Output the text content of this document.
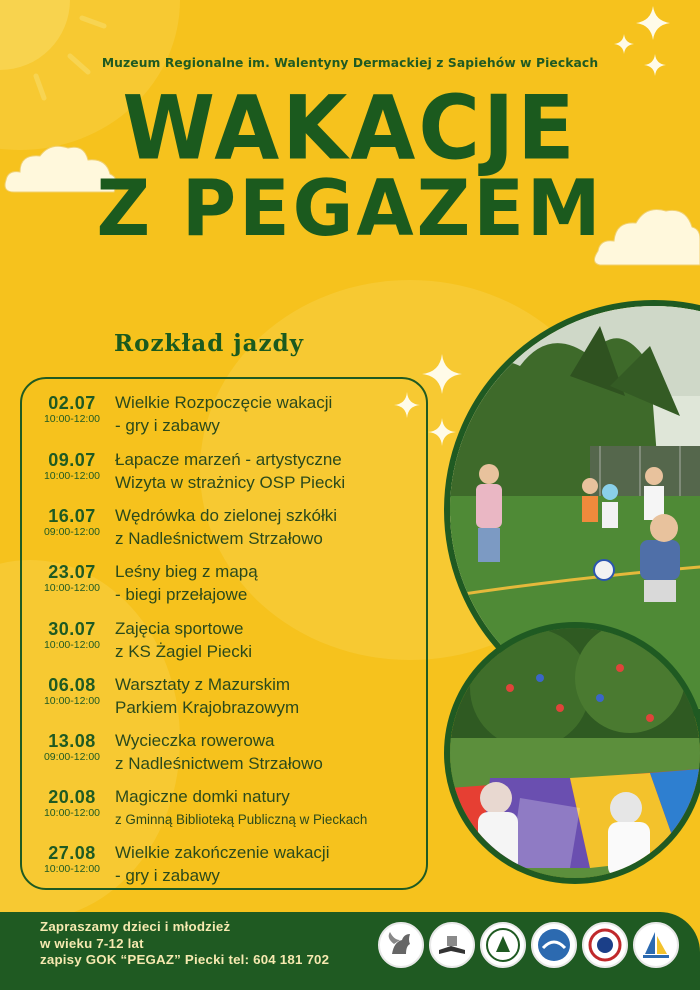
Muzeum Regionalne im. Walentyny Dermackiej z Sapiehów w Pieckach
WAKACJE
Z PEGAZEM
Rozkład jazdy
02.07
10:00-12:00
Wielkie Rozpoczęcie wakacji
- gry i zabawy
09.07
10:00-12:00
Łapacze marzeń - artystyczne
Wizyta w strażnicy OSP Piecki
16.07
09:00-12:00
Wędrówka do zielonej szkółki
z Nadleśnictwem Strzałowo
23.07
10:00-12:00
Leśny bieg z mapą
- biegi przełajowe
30.07
10:00-12:00
Zajęcia sportowe
z KS Żagiel Piecki
06.08
10:00-12:00
Warsztaty z Mazurskim
Parkiem Krajobrazowym
13.08
09:00-12:00
Wycieczka rowerowa
z Nadleśnictwem Strzałowo
20.08
10:00-12:00
Magiczne domki natury
z Gminną Biblioteką Publiczną w Pieckach
27.08
10:00-12:00
Wielkie zakończenie wakacji
- gry i zabawy
Zapraszamy dzieci i młodzież
w wieku 7-12 lat
zapisy GOK “PEGAZ” Piecki tel: 604 181 702
